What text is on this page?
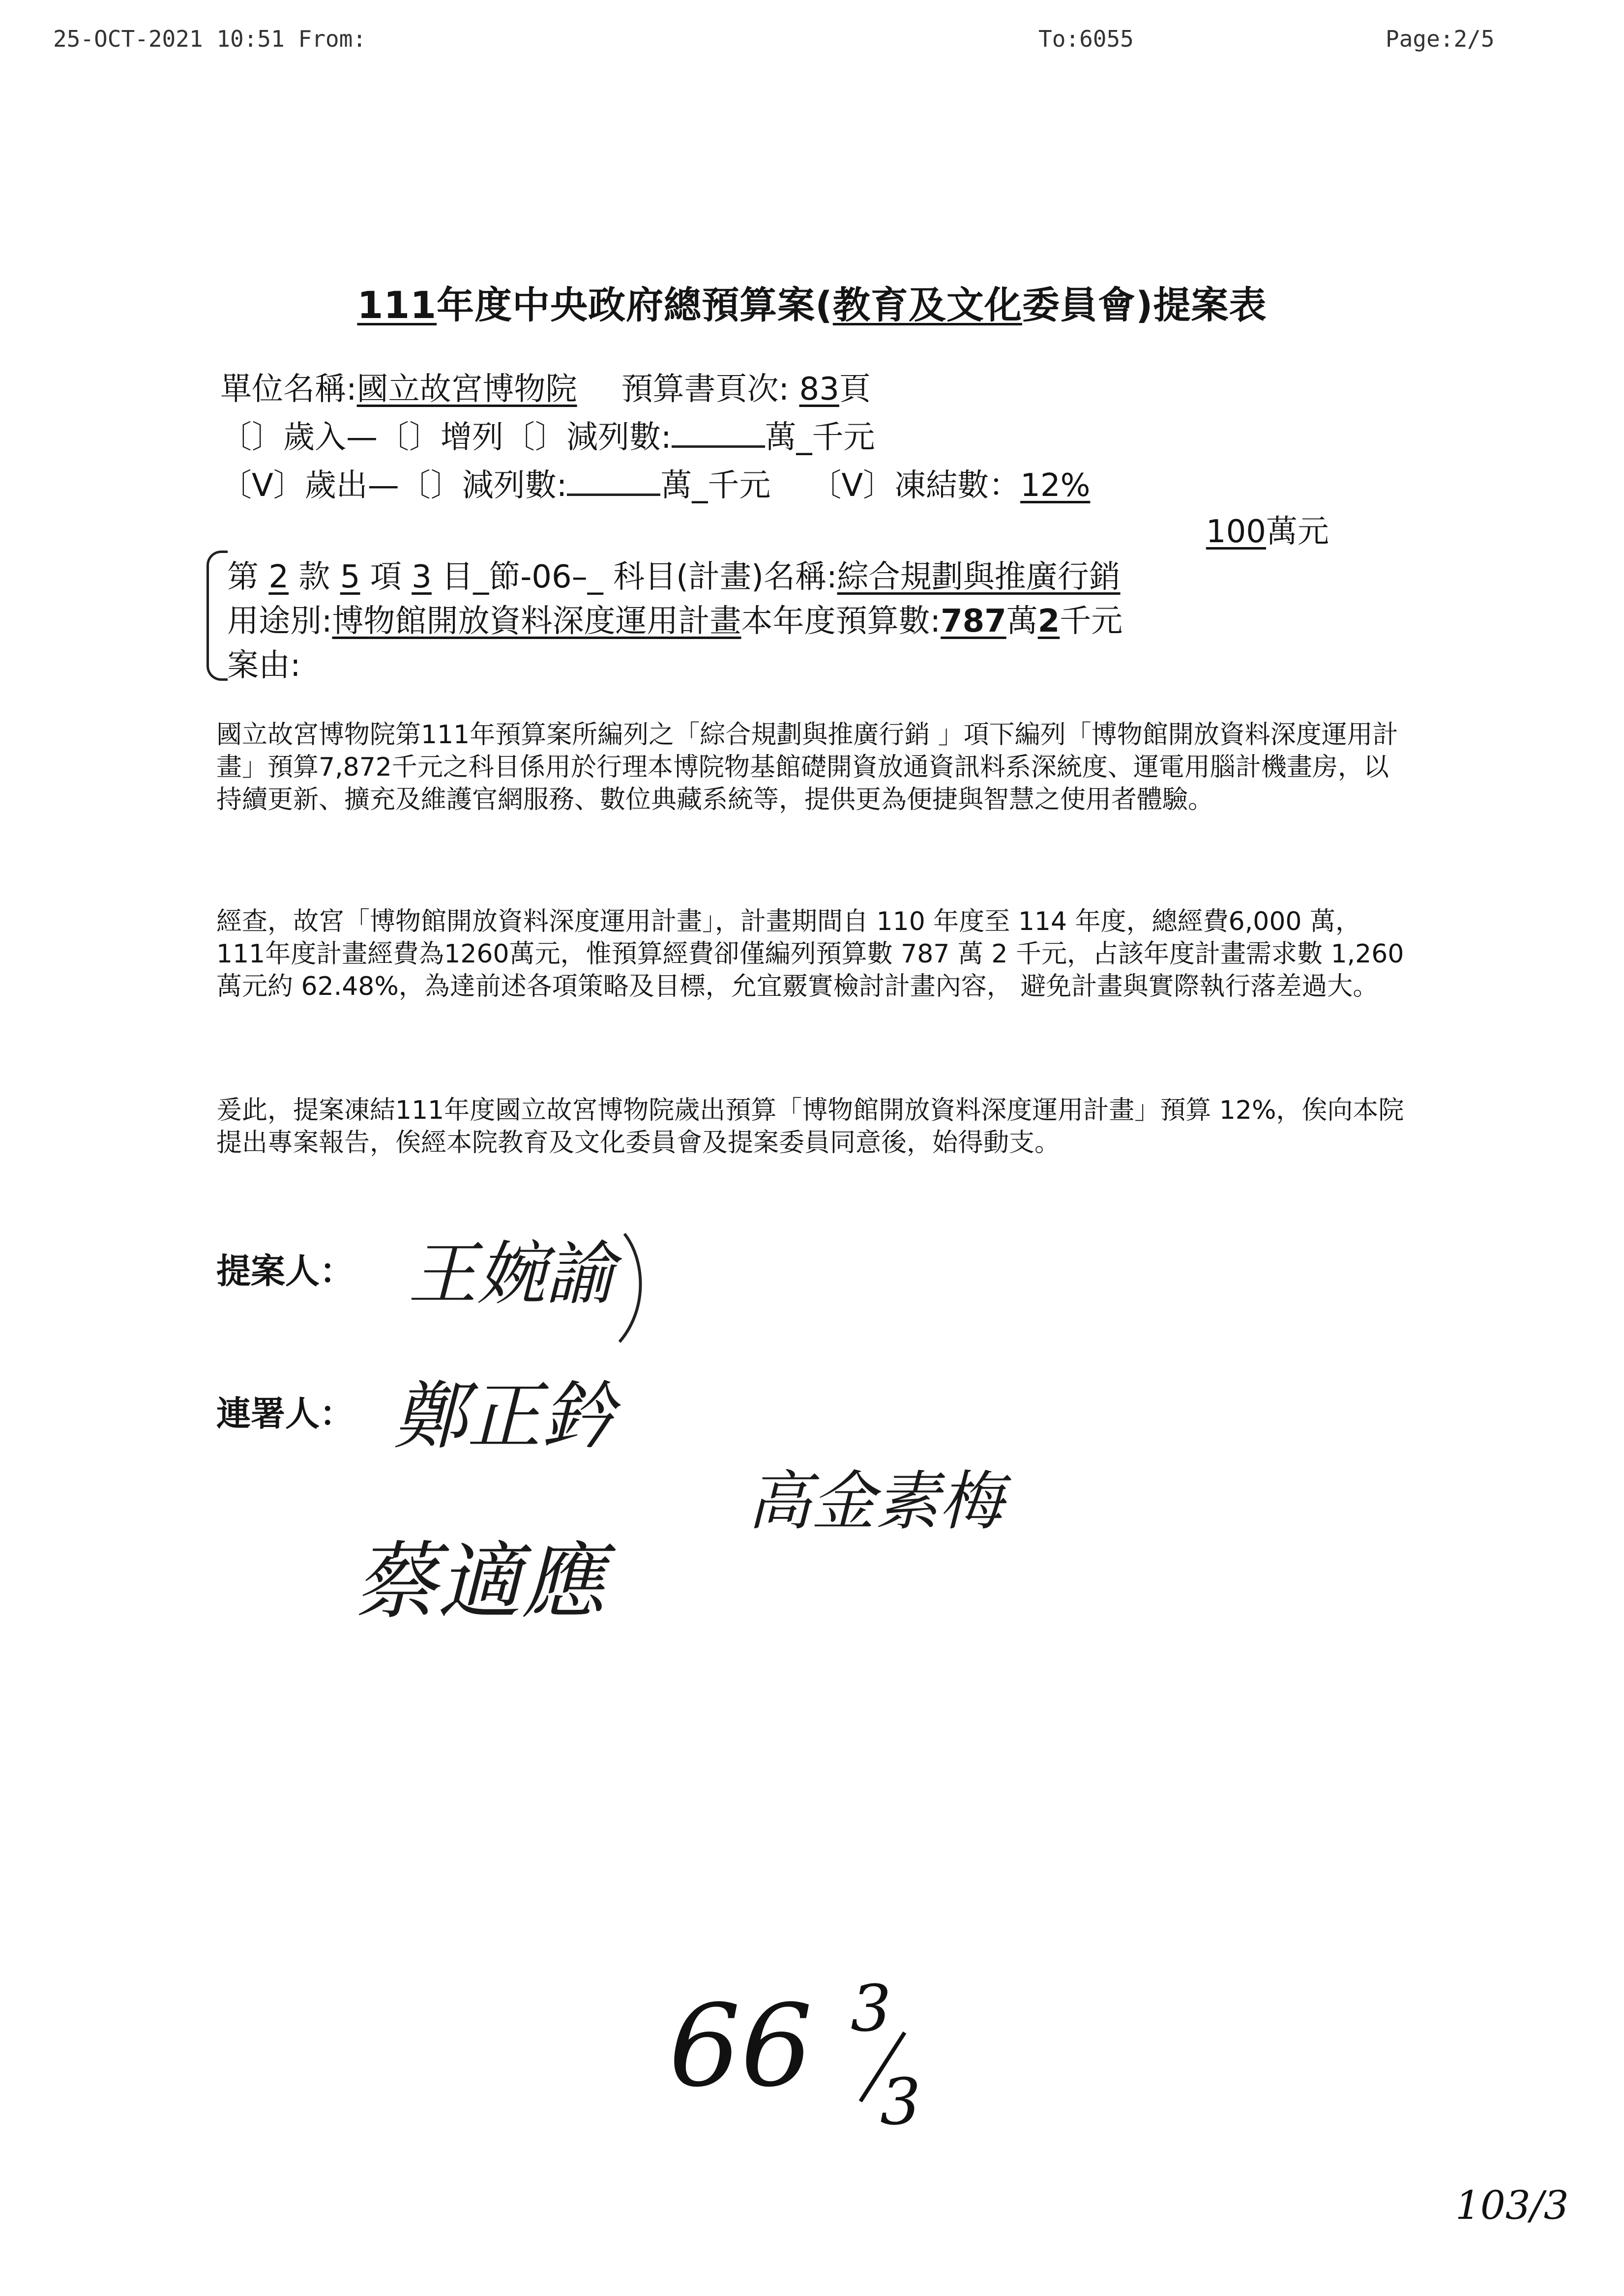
25-OCT-2021 10:51 From:	To:6055	Page:2/5
111年度中央政府總預算案(教育及文化委員會)提案表
單位名稱:國立故宮博物院 預算書頁次: 83頁
〔〕歲入—〔〕增列〔〕減列數:	萬_千元
〔V〕歲出—〔〕減列數:	萬_千元 〔V〕凍結數：12%
100萬元
第 2 款 5 項 3 目_節-06–_ 科目(計畫)名稱:綜合規劃與推廣行銷
用途別:博物館開放資料深度運用計畫本年度預算數:787萬2千元
案由:
國立故宮博物院第111年預算案所編列之「綜合規劃與推廣行銷 」項下編列「博物館開放資料深度運用計畫」預算7,872千元之科目係用於行理本博院物基館礎開資放通資訊料系深統度、運電用腦計機畫房，以持續更新、擴充及維護官網服務、數位典藏系統等，提供更為便捷與智慧之使用者體驗。
經查，故宮「博物館開放資料深度運用計畫」，計畫期間自 110 年度至 114 年度，總經費6,000 萬，111年度計畫經費為1260萬元，惟預算經費卻僅編列預算數 787 萬 2 千元，占該年度計畫需求數 1,260 萬元約 62.48%，為達前述各項策略及目標，允宜覈實檢討計畫內容， 避免計畫與實際執行落差過大。
爰此，提案凍結111年度國立故宮博物院歲出預算「博物館開放資料深度運用計畫」預算 12%，俟向本院提出專案報告，俟經本院教育及文化委員會及提案委員同意後，始得動支。
提案人： 王婉諭
連署人： 鄭正鈐
高金素梅
蔡適應
66 3
3
103/3
